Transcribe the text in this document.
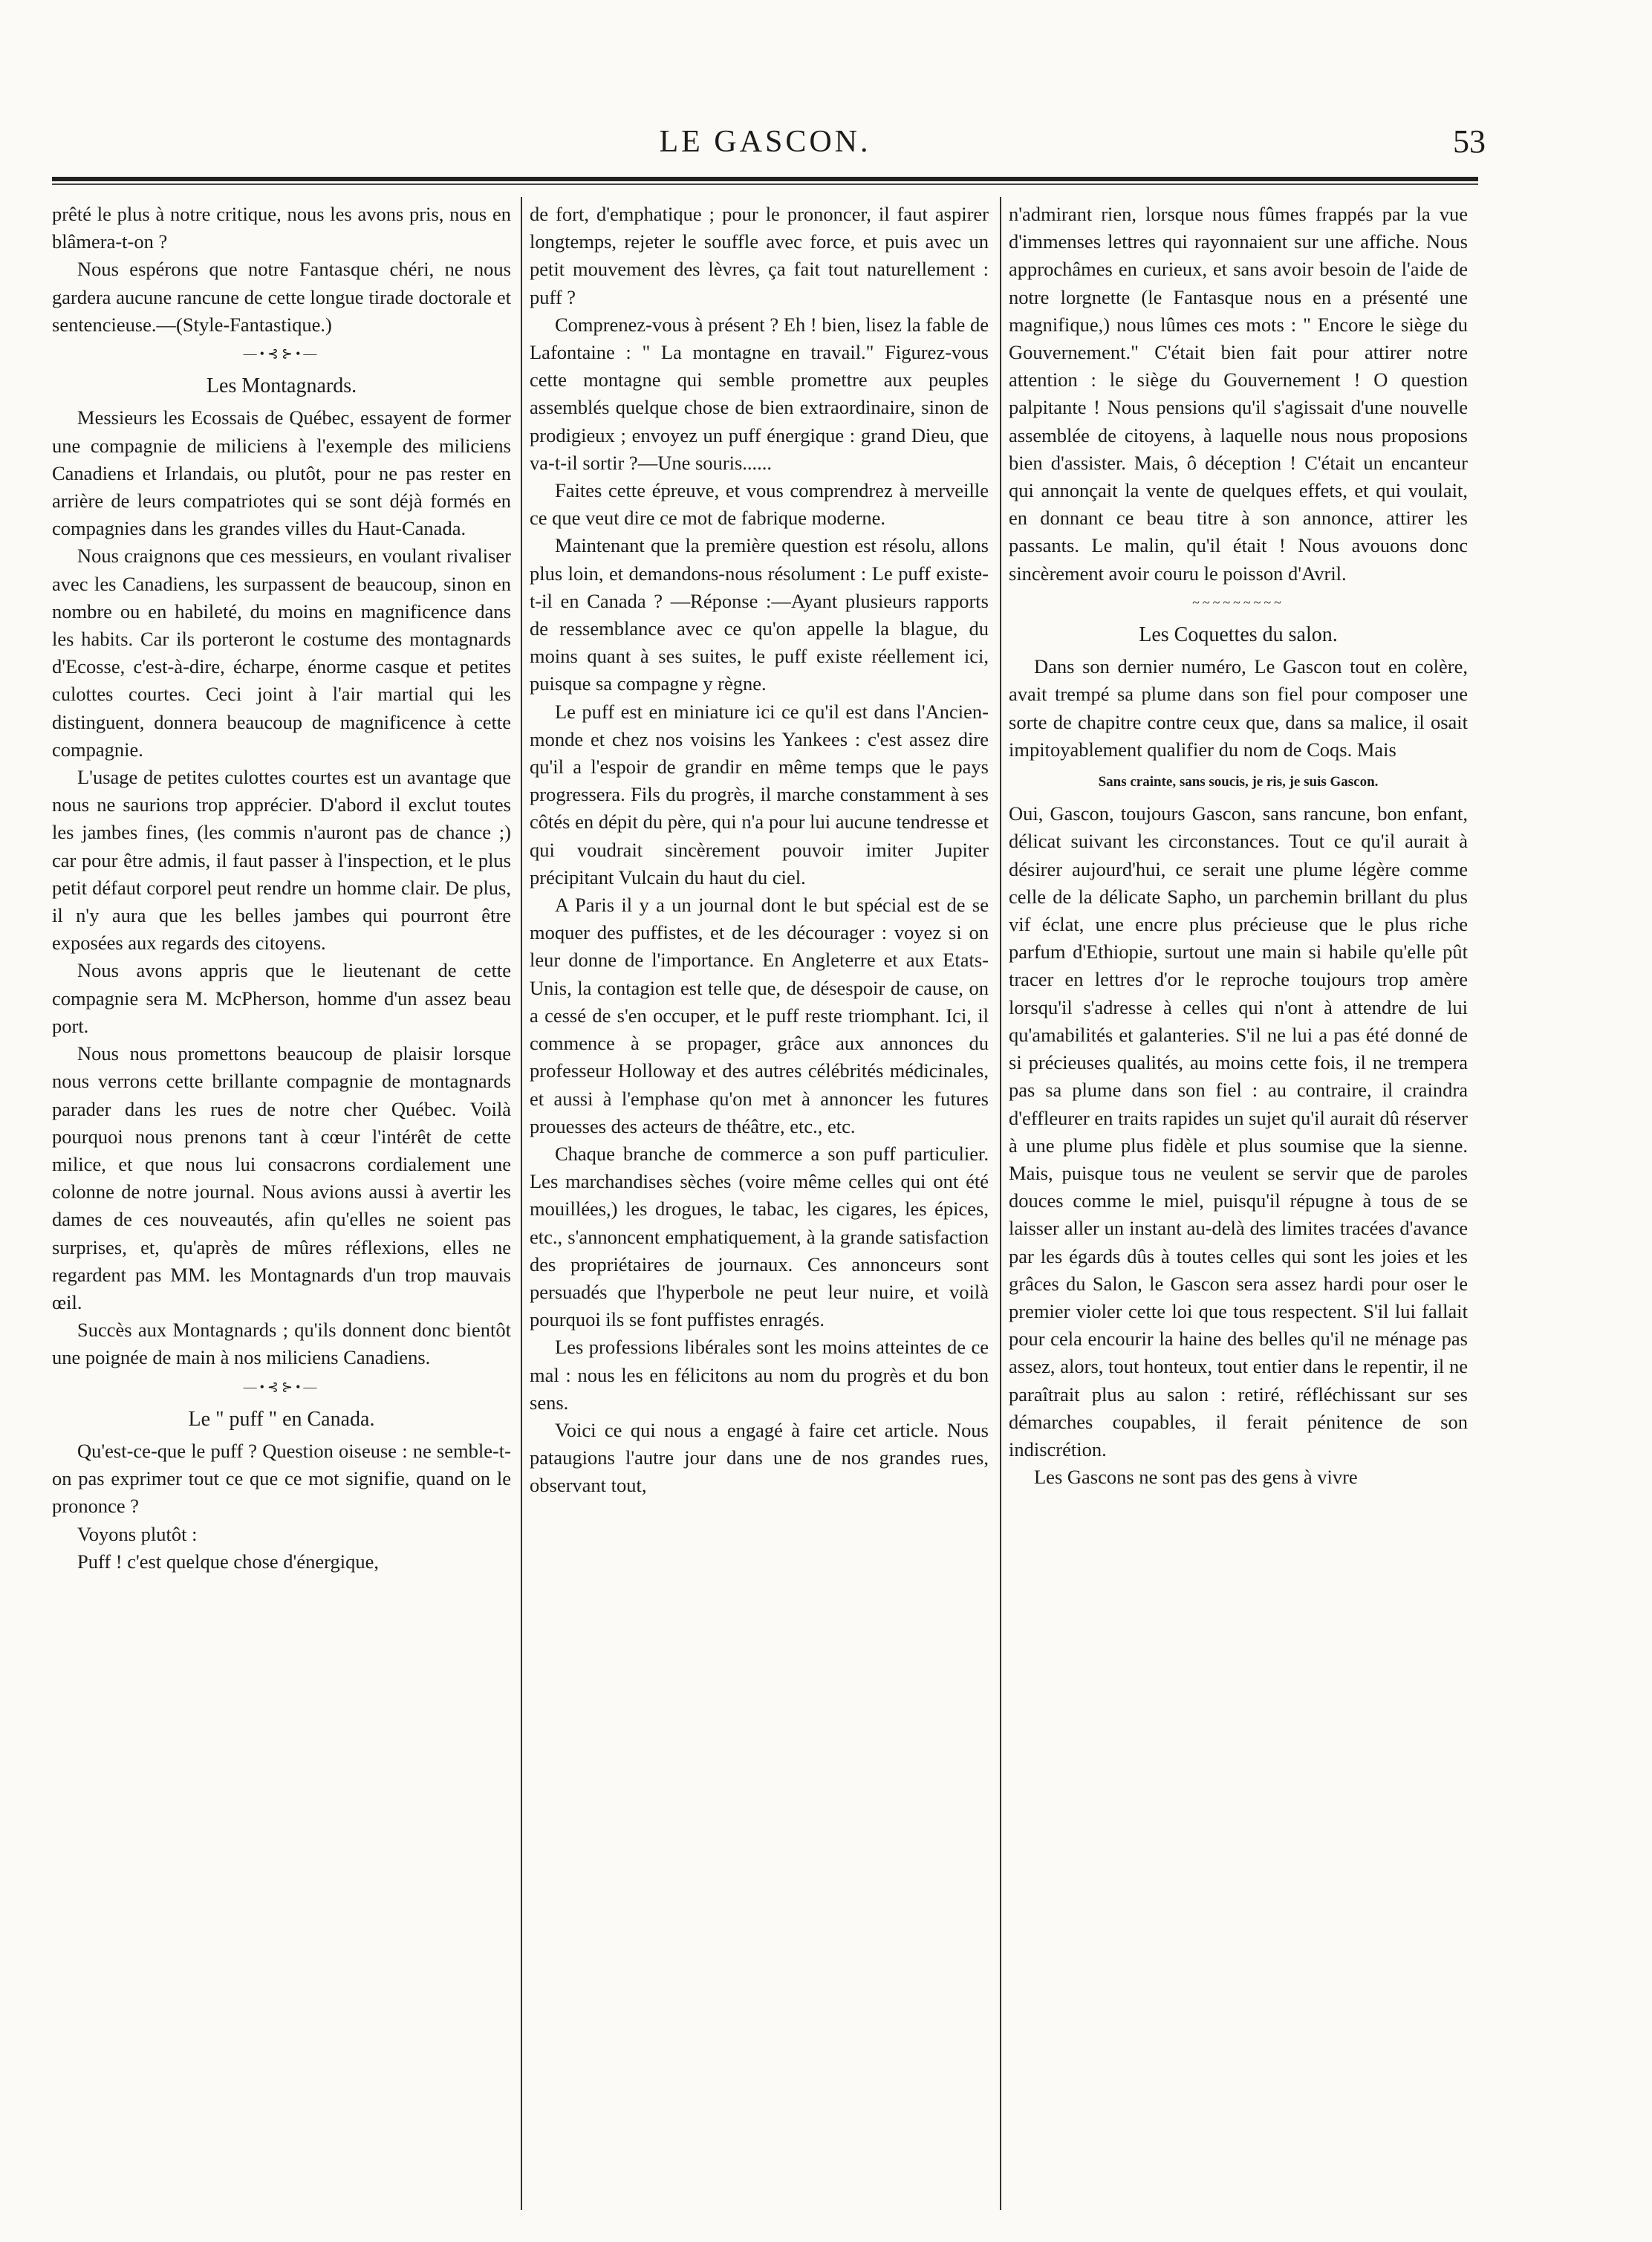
LE GASCON.	53

prêté le plus à notre critique, nous les avons pris, nous en blâmera-t-on ?

Nous espérons que notre Fantasque chéri, ne nous gardera aucune rancune de cette longue tirade doctorale et sentencieuse.—(Style-Fantastique.)

—•⊰⊱•—
Les Montagnards.

Messieurs les Ecossais de Québec, essayent de former une compagnie de miliciens à l'exemple des miliciens Canadiens et Irlandais, ou plutôt, pour ne pas rester en arrière de leurs compatriotes qui se sont déjà formés en compagnies dans les grandes villes du Haut-Canada.

Nous craignons que ces messieurs, en voulant rivaliser avec les Canadiens, les surpassent de beaucoup, sinon en nombre ou en habileté, du moins en magnificence dans les habits. Car ils porteront le costume des montagnards d'Ecosse, c'est-à-dire, écharpe, énorme casque et petites culottes courtes. Ceci joint à l'air martial qui les distinguent, donnera beaucoup de magnificence à cette compagnie.

L'usage de petites culottes courtes est un avantage que nous ne saurions trop apprécier. D'abord il exclut toutes les jambes fines, (les commis n'auront pas de chance ;) car pour être admis, il faut passer à l'inspection, et le plus petit défaut corporel peut rendre un homme clair. De plus, il n'y aura que les belles jambes qui pourront être exposées aux regards des citoyens.

Nous avons appris que le lieutenant de cette compagnie sera M. McPherson, homme d'un assez beau port.

Nous nous promettons beaucoup de plaisir lorsque nous verrons cette brillante compagnie de montagnards parader dans les rues de notre cher Québec. Voilà pourquoi nous prenons tant à cœur l'intérêt de cette milice, et que nous lui consacrons cordialement une colonne de notre journal. Nous avions aussi à avertir les dames de ces nouveautés, afin qu'elles ne soient pas surprises, et, qu'après de mûres réflexions, elles ne regardent pas MM. les Montagnards d'un trop mauvais œil.

Succès aux Montagnards ; qu'ils donnent donc bientôt une poignée de main à nos miliciens Canadiens.

—•⊰⊱•—
Le " puff " en Canada.

Qu'est-ce-que le puff ? Question oiseuse : ne semble-t-on pas exprimer tout ce que ce mot signifie, quand on le prononce ?

Voyons plutôt :

Puff ! c'est quelque chose d'énergique,

de fort, d'emphatique ; pour le prononcer, il faut aspirer longtemps, rejeter le souffle avec force, et puis avec un petit mouvement des lèvres, ça fait tout naturellement : puff ?

Comprenez-vous à présent ? Eh ! bien, lisez la fable de Lafontaine : " La montagne en travail." Figurez-vous cette montagne qui semble promettre aux peuples assemblés quelque chose de bien extraordinaire, sinon de prodigieux ; envoyez un puff énergique : grand Dieu, que va-t-il sortir ?—Une souris......

Faites cette épreuve, et vous comprendrez à merveille ce que veut dire ce mot de fabrique moderne.

Maintenant que la première question est résolu, allons plus loin, et demandons-nous résolument : Le puff existe-t-il en Canada ? —Réponse :—Ayant plusieurs rapports de ressemblance avec ce qu'on appelle la blague, du moins quant à ses suites, le puff existe réellement ici, puisque sa compagne y règne.

Le puff est en miniature ici ce qu'il est dans l'Ancien-monde et chez nos voisins les Yankees : c'est assez dire qu'il a l'espoir de grandir en même temps que le pays progressera. Fils du progrès, il marche constamment à ses côtés en dépit du père, qui n'a pour lui aucune tendresse et qui voudrait sincèrement pouvoir imiter Jupiter précipitant Vulcain du haut du ciel.

A Paris il y a un journal dont le but spécial est de se moquer des puffistes, et de les décourager : voyez si on leur donne de l'importance. En Angleterre et aux Etats-Unis, la contagion est telle que, de désespoir de cause, on a cessé de s'en occuper, et le puff reste triomphant. Ici, il commence à se propager, grâce aux annonces du professeur Holloway et des autres célébrités médicinales, et aussi à l'emphase qu'on met à annoncer les futures prouesses des acteurs de théâtre, etc., etc.

Chaque branche de commerce a son puff particulier. Les marchandises sèches (voire même celles qui ont été mouillées,) les drogues, le tabac, les cigares, les épices, etc., s'annoncent emphatiquement, à la grande satisfaction des propriétaires de journaux. Ces annonceurs sont persuadés que l'hyperbole ne peut leur nuire, et voilà pourquoi ils se font puffistes enragés.

Les professions libérales sont les moins atteintes de ce mal : nous les en félicitons au nom du progrès et du bon sens.

Voici ce qui nous a engagé à faire cet article. Nous pataugions l'autre jour dans une de nos grandes rues, observant tout,

n'admirant rien, lorsque nous fûmes frappés par la vue d'immenses lettres qui rayonnaient sur une affiche. Nous approchâmes en curieux, et sans avoir besoin de l'aide de notre lorgnette (le Fantasque nous en a présenté une magnifique,) nous lûmes ces mots : " Encore le siège du Gouvernement." C'était bien fait pour attirer notre attention : le siège du Gouvernement ! O question palpitante ! Nous pensions qu'il s'agissait d'une nouvelle assemblée de citoyens, à laquelle nous nous proposions bien d'assister. Mais, ô déception ! C'était un encanteur qui annonçait la vente de quelques effets, et qui voulait, en donnant ce beau titre à son annonce, attirer les passants. Le malin, qu'il était ! Nous avouons donc sincèrement avoir couru le poisson d'Avril.

~~~~~~~~~
Les Coquettes du salon.

Dans son dernier numéro, Le Gascon tout en colère, avait trempé sa plume dans son fiel pour composer une sorte de chapitre contre ceux que, dans sa malice, il osait impitoyablement qualifier du nom de Coqs. Mais

Sans crainte, sans soucis, je ris, je suis Gascon.

Oui, Gascon, toujours Gascon, sans rancune, bon enfant, délicat suivant les circonstances. Tout ce qu'il aurait à désirer aujourd'hui, ce serait une plume légère comme celle de la délicate Sapho, un parchemin brillant du plus vif éclat, une encre plus précieuse que le plus riche parfum d'Ethiopie, surtout une main si habile qu'elle pût tracer en lettres d'or le reproche toujours trop amère lorsqu'il s'adresse à celles qui n'ont à attendre de lui qu'amabilités et galanteries. S'il ne lui a pas été donné de si précieuses qualités, au moins cette fois, il ne trempera pas sa plume dans son fiel : au contraire, il craindra d'effleurer en traits rapides un sujet qu'il aurait dû réserver à une plume plus fidèle et plus soumise que la sienne. Mais, puisque tous ne veulent se servir que de paroles douces comme le miel, puisqu'il répugne à tous de se laisser aller un instant au-delà des limites tracées d'avance par les égards dûs à toutes celles qui sont les joies et les grâces du Salon, le Gascon sera assez hardi pour oser le premier violer cette loi que tous respectent. S'il lui fallait pour cela encourir la haine des belles qu'il ne ménage pas assez, alors, tout honteux, tout entier dans le repentir, il ne paraîtrait plus au salon : retiré, réfléchissant sur ses démarches coupables, il ferait pénitence de son indiscrétion.

Les Gascons ne sont pas des gens à vivre
